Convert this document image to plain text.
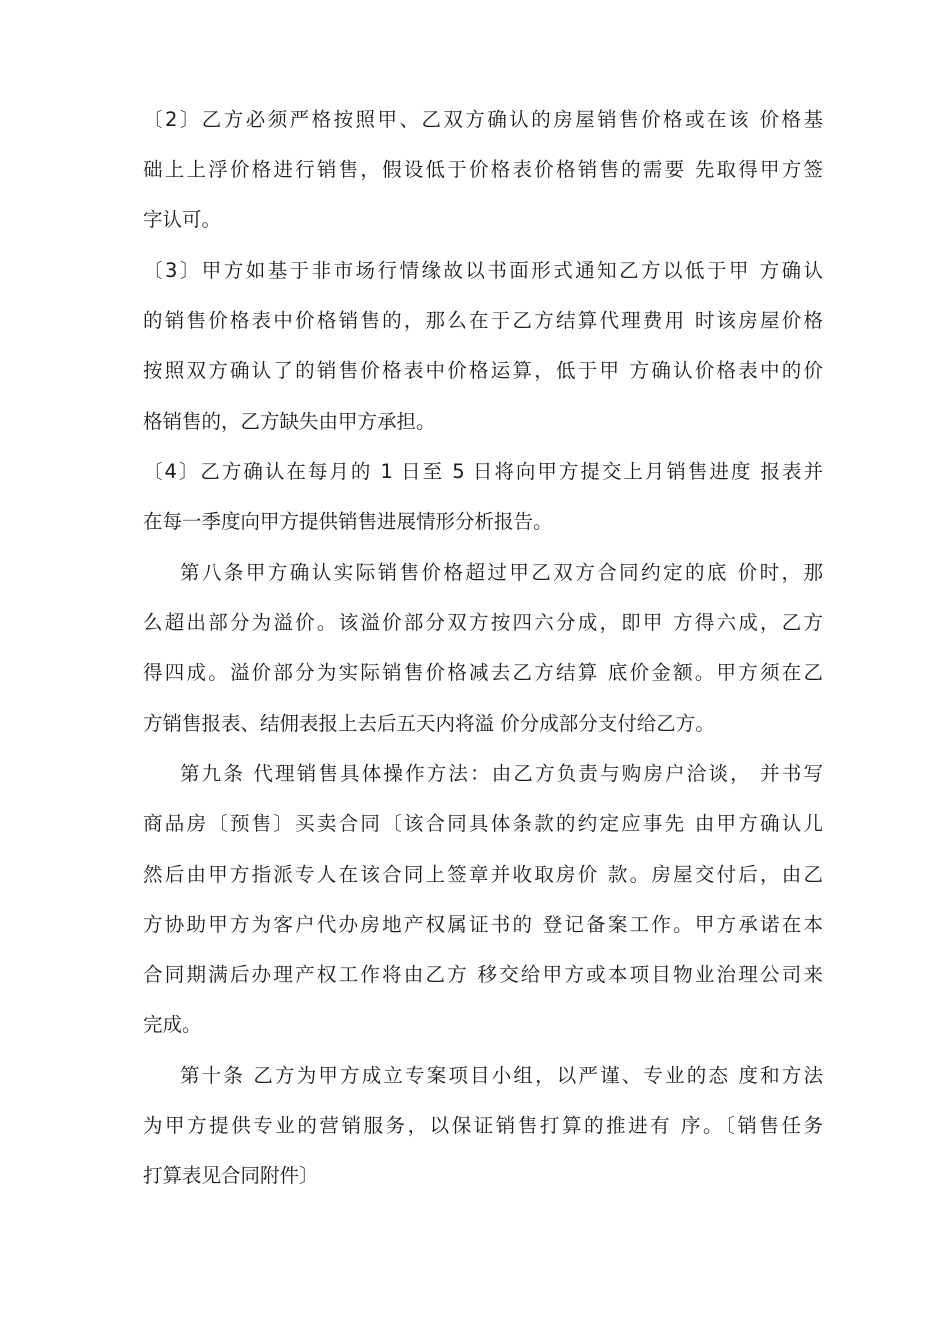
〔2〕乙方必须严格按照甲、乙双方确认的房屋销售价格或在该 价格基
础上上浮价格进行销售，假设低于价格表价格销售的需要 先取得甲方签
字认可。
〔3〕甲方如基于非市场行情缘故以书面形式通知乙方以低于甲 方确认
的销售价格表中价格销售的，那么在于乙方结算代理费用 时该房屋价格
按照双方确认了的销售价格表中价格运算，低于甲 方确认价格表中的价
格销售的，乙方缺失由甲方承担。
〔4〕乙方确认在每月的 1 日至 5 日将向甲方提交上月销售进度 报表并
在每一季度向甲方提供销售进展情形分析报告。
第八条甲方确认实际销售价格超过甲乙双方合同约定的底 价时，那
么超出部分为溢价。该溢价部分双方按四六分成，即甲 方得六成，乙方
得四成。溢价部分为实际销售价格减去乙方结算 底价金额。甲方须在乙
方销售报表、结佣表报上去后五天内将溢 价分成部分支付给乙方。
第九条 代理销售具体操作方法：由乙方负责与购房户洽谈， 并书写
商品房〔预售〕买卖合同〔该合同具体条款的约定应事先 由甲方确认儿
然后由甲方指派专人在该合同上签章并收取房价 款。房屋交付后，由乙
方协助甲方为客户代办房地产权属证书的 登记备案工作。甲方承诺在本
合同期满后办理产权工作将由乙方 移交给甲方或本项目物业治理公司来
完成。
第十条 乙方为甲方成立专案项目小组，以严谨、专业的态 度和方法
为甲方提供专业的营销服务，以保证销售打算的推进有 序。〔销售任务
打算表见合同附件〕
